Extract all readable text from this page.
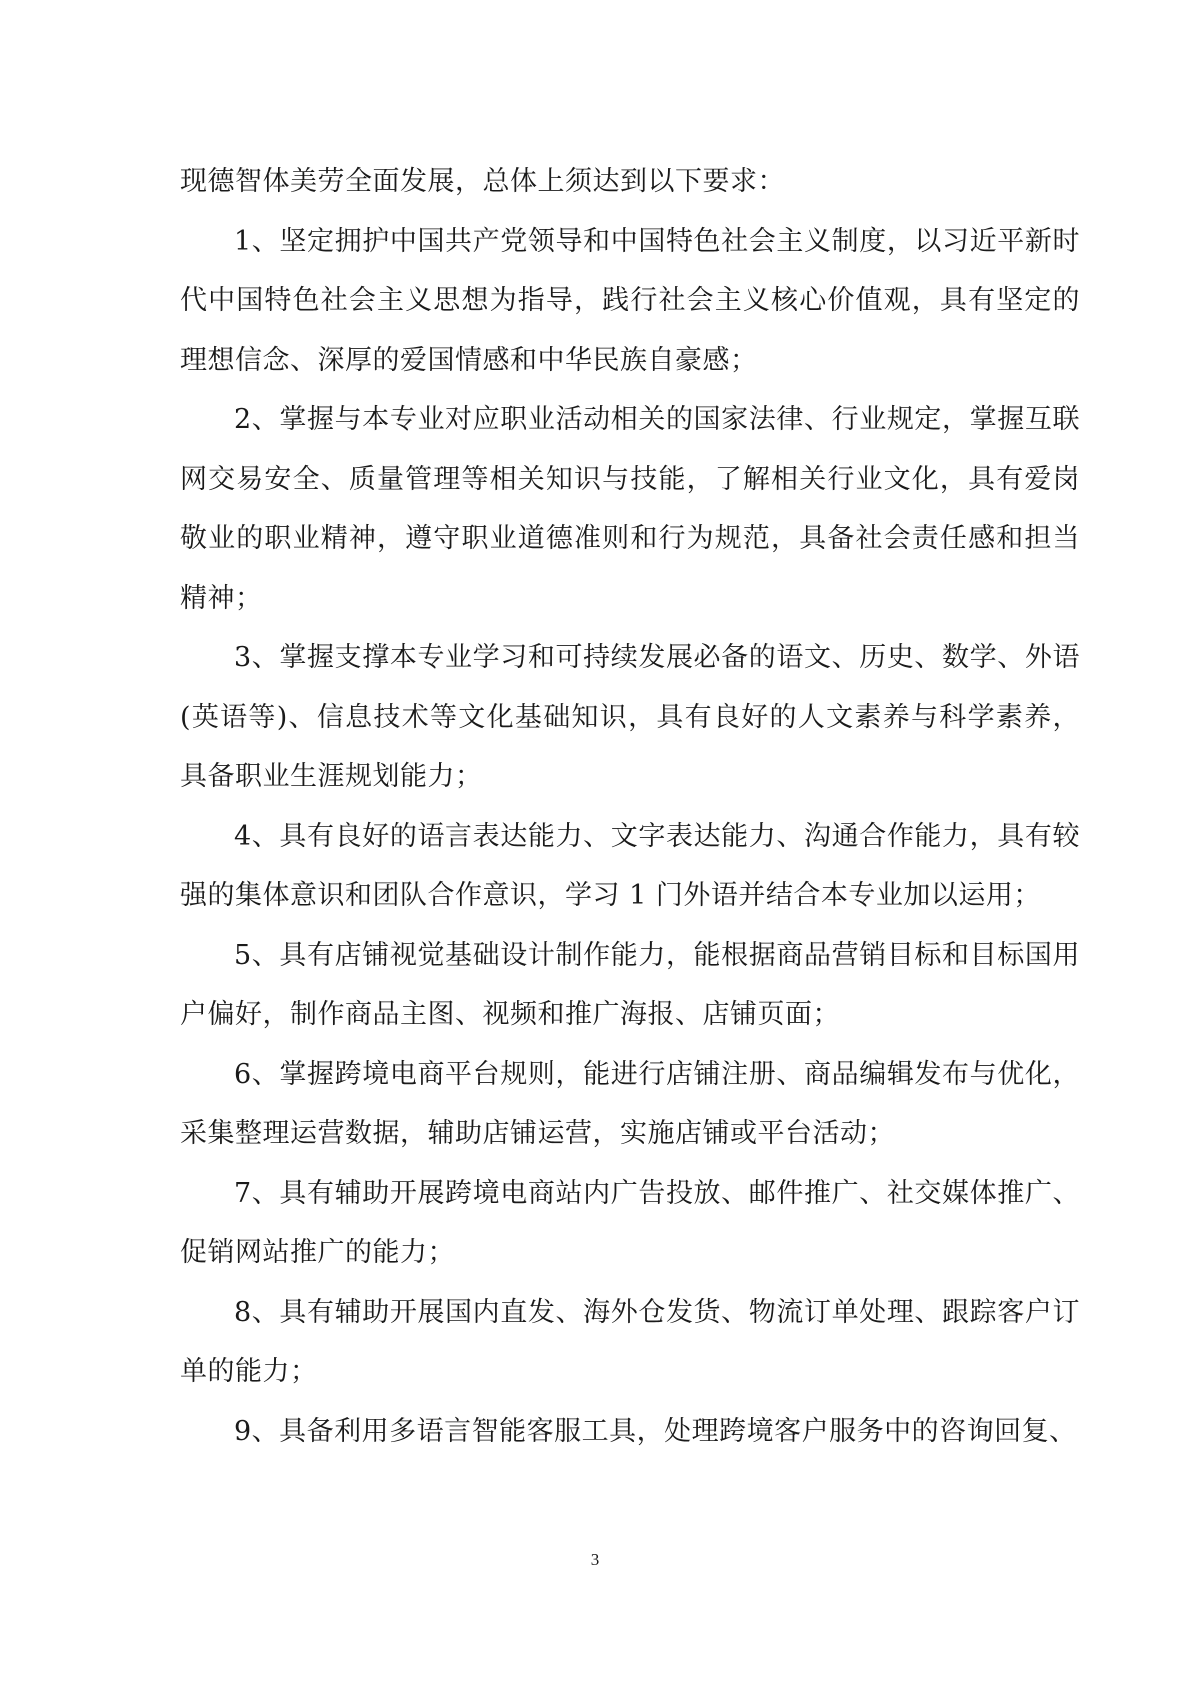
现德智体美劳全面发展，总体上须达到以下要求：

1、坚定拥护中国共产党领导和中国特色社会主义制度，以习近平新时代中国特色社会主义思想为指导，践行社会主义核心价值观，具有坚定的理想信念、深厚的爱国情感和中华民族自豪感；

2、掌握与本专业对应职业活动相关的国家法律、行业规定，掌握互联网交易安全、质量管理等相关知识与技能，了解相关行业文化，具有爱岗敬业的职业精神，遵守职业道德准则和行为规范，具备社会责任感和担当精神；

3、掌握支撑本专业学习和可持续发展必备的语文、历史、数学、外语(英语等)、信息技术等文化基础知识，具有良好的人文素养与科学素养，具备职业生涯规划能力；

4、具有良好的语言表达能力、文字表达能力、沟通合作能力，具有较强的集体意识和团队合作意识，学习 1 门外语并结合本专业加以运用；

5、具有店铺视觉基础设计制作能力，能根据商品营销目标和目标国用户偏好，制作商品主图、视频和推广海报、店铺页面；

6、掌握跨境电商平台规则，能进行店铺注册、商品编辑发布与优化，采集整理运营数据，辅助店铺运营，实施店铺或平台活动；

7、具有辅助开展跨境电商站内广告投放、邮件推广、社交媒体推广、促销网站推广的能力；

8、具有辅助开展国内直发、海外仓发货、物流订单处理、跟踪客户订单的能力；

9、具备利用多语言智能客服工具，处理跨境客户服务中的咨询回复、

3
